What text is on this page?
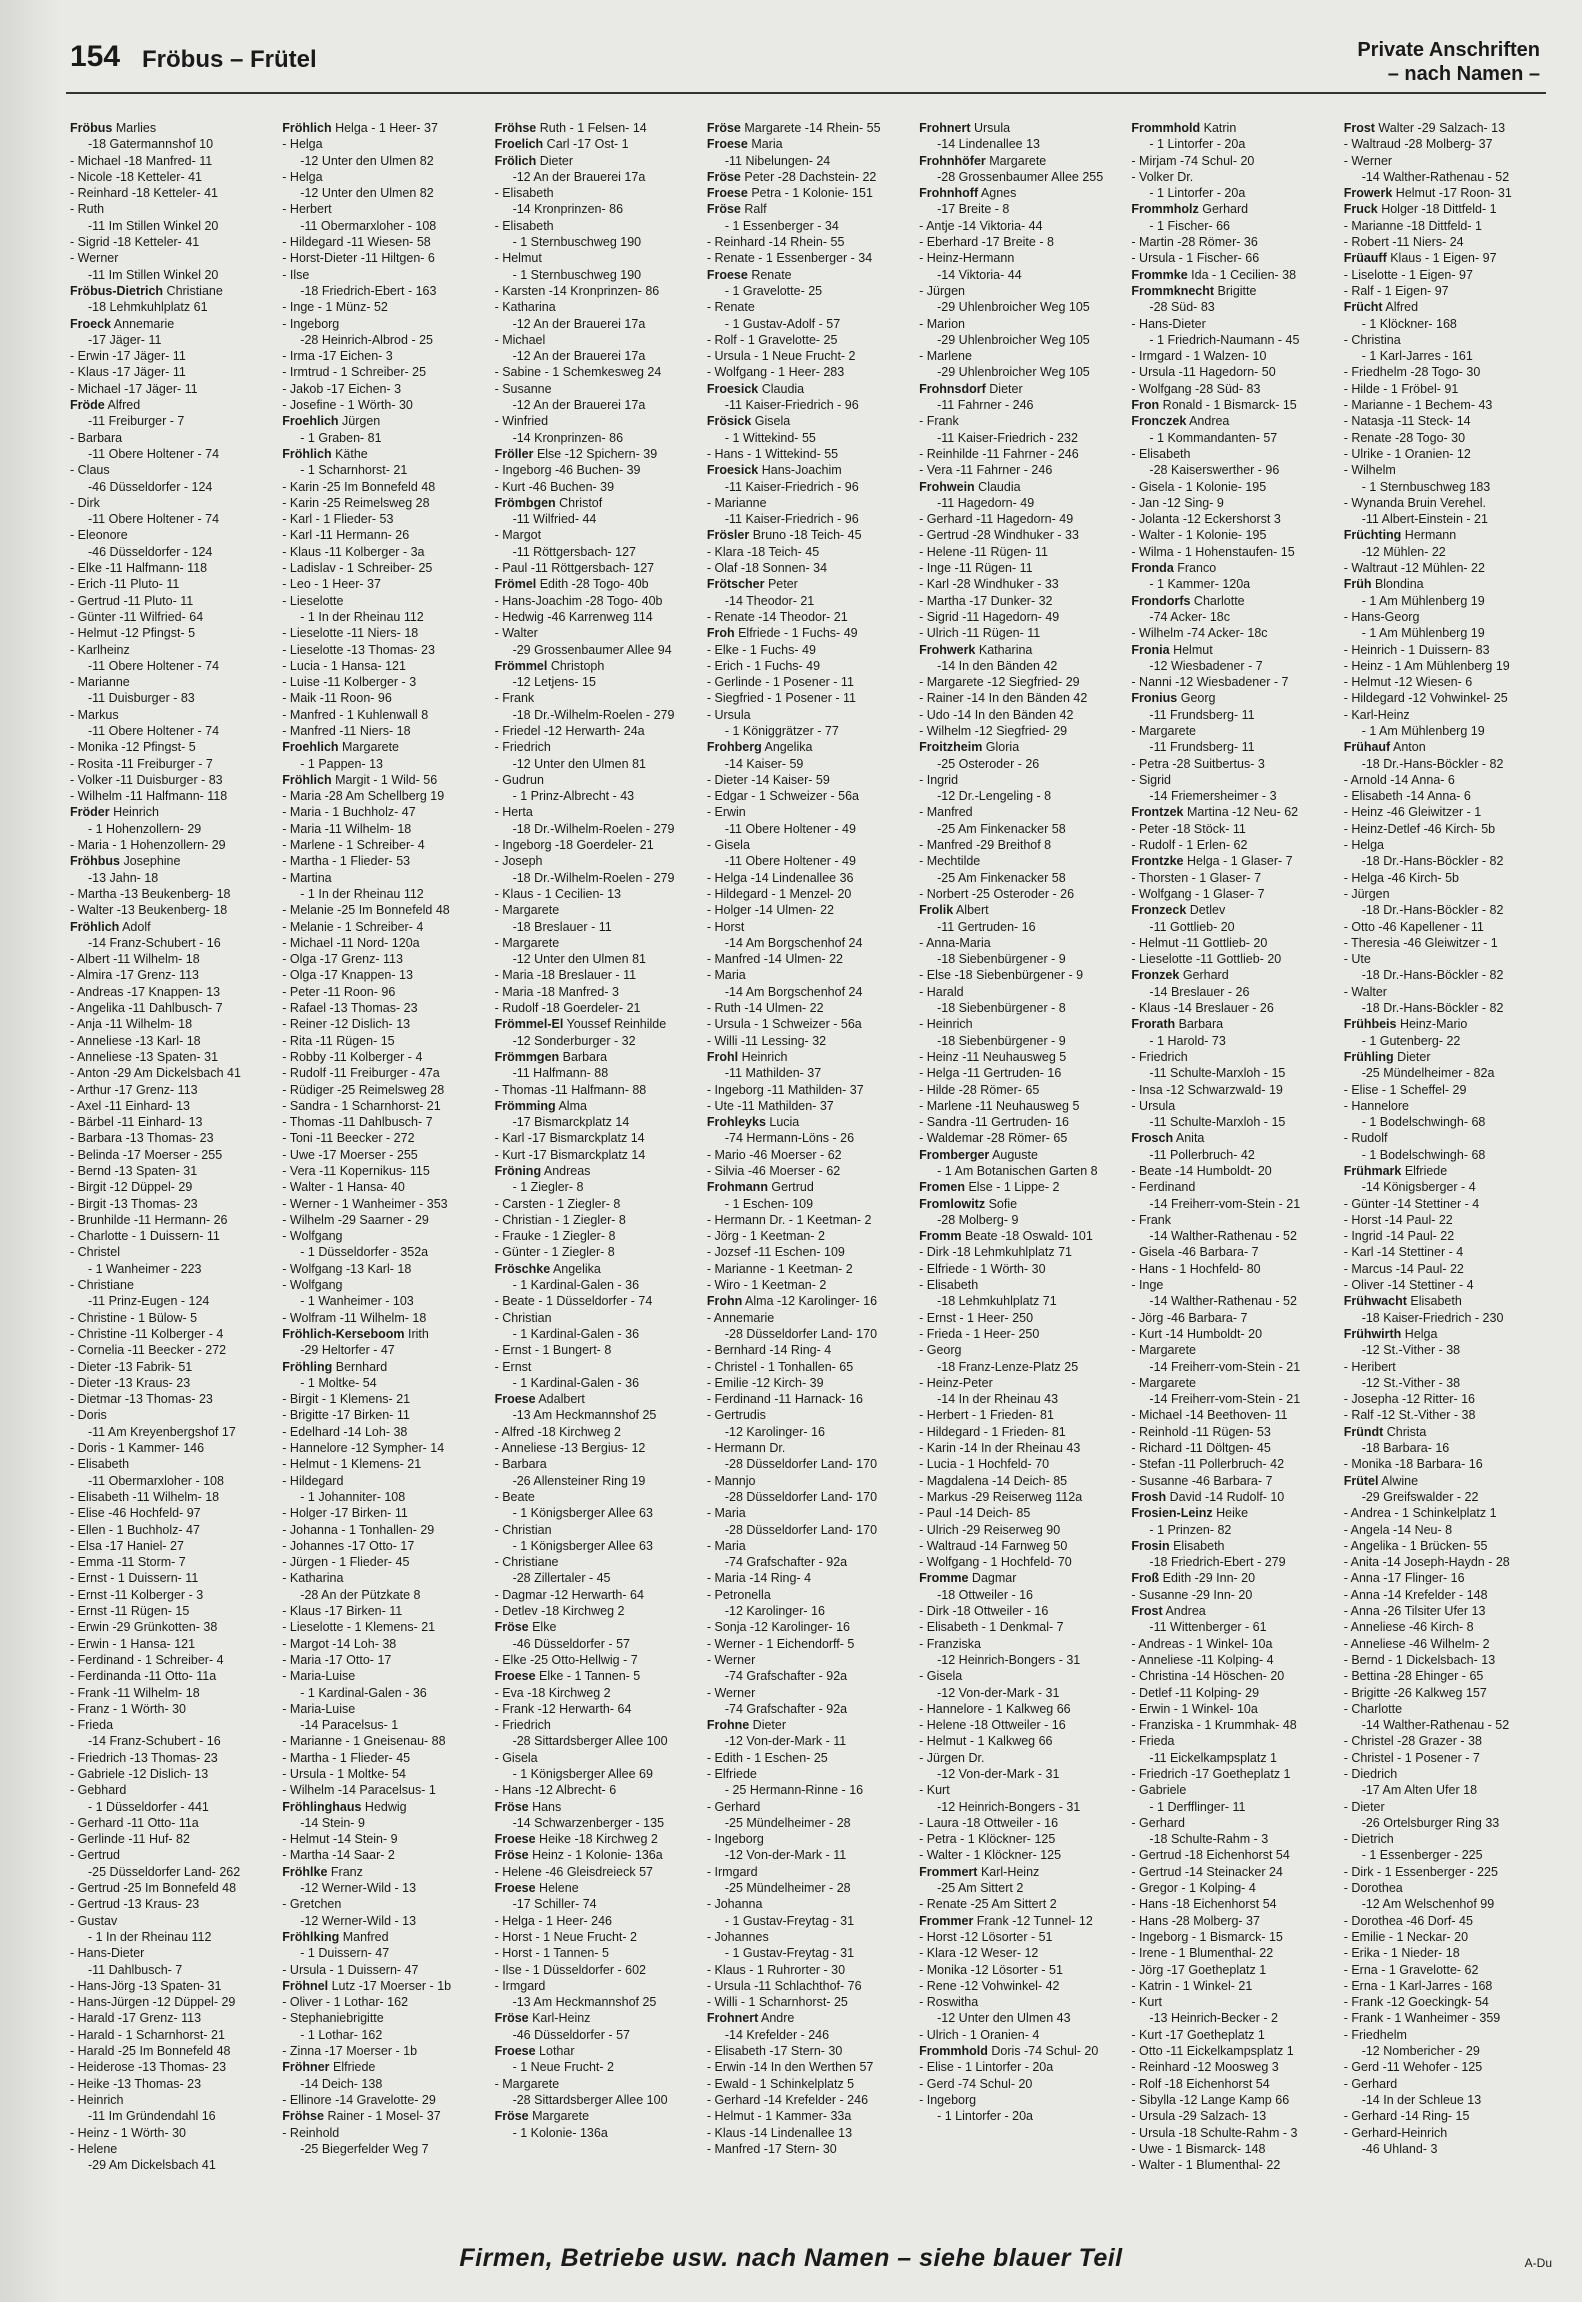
154 Fröbus – Frütel	Private Anschriften
– nach Namen –
Fröbus Marlies
-18 Gatermannshof 10
- Michael -18 Manfred- 11
- Nicole -18 Ketteler- 41
- Reinhard -18 Ketteler- 41
- Ruth
-11 Im Stillen Winkel 20
- Sigrid -18 Ketteler- 41
- Werner
-11 Im Stillen Winkel 20
Fröbus-Dietrich Christiane
-18 Lehmkuhlplatz 61
Froeck Annemarie
-17 Jäger- 11
- Erwin -17 Jäger- 11
- Klaus -17 Jäger- 11
- Michael -17 Jäger- 11
Fröde Alfred
-11 Freiburger - 7
- Barbara
-11 Obere Holtener - 74
- Claus
-46 Düsseldorfer - 124
- Dirk
-11 Obere Holtener - 74
- Eleonore
-46 Düsseldorfer - 124
- Elke -11 Halfmann- 118
- Erich -11 Pluto- 11
- Gertrud -11 Pluto- 11
- Günter -11 Wilfried- 64
- Helmut -12 Pfingst- 5
- Karlheinz
-11 Obere Holtener - 74
- Marianne
-11 Duisburger - 83
- Markus
-11 Obere Holtener - 74
- Monika -12 Pfingst- 5
- Rosita -11 Freiburger - 7
- Volker -11 Duisburger - 83
- Wilhelm -11 Halfmann- 118
Fröder Heinrich
- 1 Hohenzollern- 29
- Maria - 1 Hohenzollern- 29
Fröhbus Josephine
-13 Jahn- 18
- Martha -13 Beukenberg- 18
- Walter -13 Beukenberg- 18
Fröhlich Adolf
-14 Franz-Schubert - 16
- Albert -11 Wilhelm- 18
- Almira -17 Grenz- 113
- Andreas -17 Knappen- 13
- Angelika -11 Dahlbusch- 7
- Anja -11 Wilhelm- 18
- Anneliese -13 Karl- 18
- Anneliese -13 Spaten- 31
- Anton -29 Am Dickelsbach 41
- Arthur -17 Grenz- 113
- Axel -11 Einhard- 13
- Bärbel -11 Einhard- 13
- Barbara -13 Thomas- 23
- Belinda -17 Moerser - 255
- Bernd -13 Spaten- 31
- Birgit -12 Düppel- 29
- Birgit -13 Thomas- 23
- Brunhilde -11 Hermann- 26
- Charlotte - 1 Duissern- 11
- Christel
- 1 Wanheimer - 223
- Christiane
-11 Prinz-Eugen - 124
- Christine - 1 Bülow- 5
- Christine -11 Kolberger - 4
- Cornelia -11 Beecker - 272
- Dieter -13 Fabrik- 51
- Dieter -13 Kraus- 23
- Dietmar -13 Thomas- 23
- Doris
-11 Am Kreyenbergshof 17
- Doris - 1 Kammer- 146
- Elisabeth
-11 Obermarxloher - 108
- Elisabeth -11 Wilhelm- 18
- Elise -46 Hochfeld- 97
- Ellen - 1 Buchholz- 47
- Elsa -17 Haniel- 27
- Emma -11 Storm- 7
- Ernst - 1 Duissern- 11
- Ernst -11 Kolberger - 3
- Ernst -11 Rügen- 15
- Erwin -29 Grünkotten- 38
- Erwin - 1 Hansa- 121
- Ferdinand - 1 Schreiber- 4
- Ferdinanda -11 Otto- 11a
- Frank -11 Wilhelm- 18
- Franz - 1 Wörth- 30
- Frieda
-14 Franz-Schubert - 16
- Friedrich -13 Thomas- 23
- Gabriele -12 Dislich- 13
- Gebhard
- 1 Düsseldorfer - 441
- Gerhard -11 Otto- 11a
- Gerlinde -11 Huf- 82
- Gertrud
-25 Düsseldorfer Land- 262
- Gertrud -25 Im Bonnefeld 48
- Gertrud -13 Kraus- 23
- Gustav
- 1 In der Rheinau 112
- Hans-Dieter
-11 Dahlbusch- 7
- Hans-Jörg -13 Spaten- 31
- Hans-Jürgen -12 Düppel- 29
- Harald -17 Grenz- 113
- Harald - 1 Scharnhorst- 21
- Harald -25 Im Bonnefeld 48
- Heiderose -13 Thomas- 23
- Heike -13 Thomas- 23
- Heinrich
-11 Im Gründendahl 16
- Heinz - 1 Wörth- 30
- Helene
-29 Am Dickelsbach 41
Fröhlich Helga - 1 Heer- 37
- Helga
-12 Unter den Ulmen 82
- Helga
-12 Unter den Ulmen 82
- Herbert
-11 Obermarxloher - 108
- Hildegard -11 Wiesen- 58
- Horst-Dieter -11 Hiltgen- 6
- Ilse
-18 Friedrich-Ebert - 163
- Inge - 1 Münz- 52
- Ingeborg
-28 Heinrich-Albrod - 25
- Irma -17 Eichen- 3
- Irmtrud - 1 Schreiber- 25
- Jakob -17 Eichen- 3
- Josefine - 1 Wörth- 30
Froehlich Jürgen
- 1 Graben- 81
Fröhlich Käthe
- 1 Scharnhorst- 21
- Karin -25 Im Bonnefeld 48
- Karin -25 Reimelsweg 28
- Karl - 1 Flieder- 53
- Karl -11 Hermann- 26
- Klaus -11 Kolberger - 3a
- Ladislav - 1 Schreiber- 25
- Leo - 1 Heer- 37
- Lieselotte
- 1 In der Rheinau 112
- Lieselotte -11 Niers- 18
- Lieselotte -13 Thomas- 23
- Lucia - 1 Hansa- 121
- Luise -11 Kolberger - 3
- Maik -11 Roon- 96
- Manfred - 1 Kuhlenwall 8
- Manfred -11 Niers- 18
Froehlich Margarete
- 1 Pappen- 13
Fröhlich Margit - 1 Wild- 56
- Maria -28 Am Schellberg 19
- Maria - 1 Buchholz- 47
- Maria -11 Wilhelm- 18
- Marlene - 1 Schreiber- 4
- Martha - 1 Flieder- 53
- Martina
- 1 In der Rheinau 112
- Melanie -25 Im Bonnefeld 48
- Melanie - 1 Schreiber- 4
- Michael -11 Nord- 120a
- Olga -17 Grenz- 113
- Olga -17 Knappen- 13
- Peter -11 Roon- 96
- Rafael -13 Thomas- 23
- Reiner -12 Dislich- 13
- Rita -11 Rügen- 15
- Robby -11 Kolberger - 4
- Rudolf -11 Freiburger - 47a
- Rüdiger -25 Reimelsweg 28
- Sandra - 1 Scharnhorst- 21
- Thomas -11 Dahlbusch- 7
- Toni -11 Beecker - 272
- Uwe -17 Moerser - 255
- Vera -11 Kopernikus- 115
- Walter - 1 Hansa- 40
- Werner - 1 Wanheimer - 353
- Wilhelm -29 Saarner - 29
- Wolfgang
- 1 Düsseldorfer - 352a
- Wolfgang -13 Karl- 18
- Wolfgang
- 1 Wanheimer - 103
- Wolfram -11 Wilhelm- 18
Fröhlich-Kerseboom Irith
-29 Heltorfer - 47
Fröhling Bernhard
- 1 Moltke- 54
- Birgit - 1 Klemens- 21
- Brigitte -17 Birken- 11
- Edelhard -14 Loh- 38
- Hannelore -12 Sympher- 14
- Helmut - 1 Klemens- 21
- Hildegard
- 1 Johanniter- 108
- Holger -17 Birken- 11
- Johanna - 1 Tonhallen- 29
- Johannes -17 Otto- 17
- Jürgen - 1 Flieder- 45
- Katharina
-28 An der Pützkate 8
- Klaus -17 Birken- 11
- Lieselotte - 1 Klemens- 21
- Margot -14 Loh- 38
- Maria -17 Otto- 17
- Maria-Luise
- 1 Kardinal-Galen - 36
- Maria-Luise
-14 Paracelsus- 1
- Marianne - 1 Gneisenau- 88
- Martha - 1 Flieder- 45
- Ursula - 1 Moltke- 54
- Wilhelm -14 Paracelsus- 1
Fröhlinghaus Hedwig
-14 Stein- 9
- Helmut -14 Stein- 9
- Martha -14 Saar- 2
Fröhlke Franz
-12 Werner-Wild - 13
- Gretchen
-12 Werner-Wild - 13
Fröhlking Manfred
- 1 Duissern- 47
- Ursula - 1 Duissern- 47
Fröhnel Lutz -17 Moerser - 1b
- Oliver - 1 Lothar- 162
- Stephaniebrigitte
- 1 Lothar- 162
- Zinna -17 Moerser - 1b
Fröhner Elfriede
-14 Deich- 138
- Ellinore -14 Gravelotte- 29
Fröhse Rainer - 1 Mosel- 37
- Reinhold
-25 Biegerfelder Weg 7
Fröhse Ruth - 1 Felsen- 14
Froelich Carl -17 Ost- 1
Frölich Dieter
-12 An der Brauerei 17a
- Elisabeth
-14 Kronprinzen- 86
- Elisabeth
- 1 Sternbuschweg 190
- Helmut
- 1 Sternbuschweg 190
- Karsten -14 Kronprinzen- 86
- Katharina
-12 An der Brauerei 17a
- Michael
-12 An der Brauerei 17a
- Sabine - 1 Schemkesweg 24
- Susanne
-12 An der Brauerei 17a
- Winfried
-14 Kronprinzen- 86
Fröller Else -12 Spichern- 39
- Ingeborg -46 Buchen- 39
- Kurt -46 Buchen- 39
Frömbgen Christof
-11 Wilfried- 44
- Margot
-11 Röttgersbach- 127
- Paul -11 Röttgersbach- 127
Frömel Edith -28 Togo- 40b
- Hans-Joachim -28 Togo- 40b
- Hedwig -46 Karrenweg 114
- Walter
-29 Grossenbaumer Allee 94
Frömmel Christoph
-12 Letjens- 15
- Frank
-18 Dr.-Wilhelm-Roelen - 279
- Friedel -12 Herwarth- 24a
- Friedrich
-12 Unter den Ulmen 81
- Gudrun
- 1 Prinz-Albrecht - 43
- Herta
-18 Dr.-Wilhelm-Roelen - 279
- Ingeborg -18 Goerdeler- 21
- Joseph
-18 Dr.-Wilhelm-Roelen - 279
- Klaus - 1 Cecilien- 13
- Margarete
-18 Breslauer - 11
- Margarete
-12 Unter den Ulmen 81
- Maria -18 Breslauer - 11
- Maria -18 Manfred- 3
- Rudolf -18 Goerdeler- 21
Frömmel-El Youssef Reinhilde
-12 Sonderburger - 32
Frömmgen Barbara
-11 Halfmann- 88
- Thomas -11 Halfmann- 88
Frömming Alma
-17 Bismarckplatz 14
- Karl -17 Bismarckplatz 14
- Kurt -17 Bismarckplatz 14
Fröning Andreas
- 1 Ziegler- 8
- Carsten - 1 Ziegler- 8
- Christian - 1 Ziegler- 8
- Frauke - 1 Ziegler- 8
- Günter - 1 Ziegler- 8
Fröschke Angelika
- 1 Kardinal-Galen - 36
- Beate - 1 Düsseldorfer - 74
- Christian
- 1 Kardinal-Galen - 36
- Ernst - 1 Bungert- 8
- Ernst
- 1 Kardinal-Galen - 36
Froese Adalbert
-13 Am Heckmannshof 25
- Alfred -18 Kirchweg 2
- Anneliese -13 Bergius- 12
- Barbara
-26 Allensteiner Ring 19
- Beate
- 1 Königsberger Allee 63
- Christian
- 1 Königsberger Allee 63
- Christiane
-28 Zillertaler - 45
- Dagmar -12 Herwarth- 64
- Detlev -18 Kirchweg 2
Fröse Elke
-46 Düsseldorfer - 57
- Elke -25 Otto-Hellwig - 7
Froese Elke - 1 Tannen- 5
- Eva -18 Kirchweg 2
- Frank -12 Herwarth- 64
- Friedrich
-28 Sittardsberger Allee 100
- Gisela
- 1 Königsberger Allee 69
- Hans -12 Albrecht- 6
Fröse Hans
-14 Schwarzenberger - 135
Froese Heike -18 Kirchweg 2
Fröse Heinz - 1 Kolonie- 136a
- Helene -46 Gleisdreieck 57
Froese Helene
-17 Schiller- 74
- Helga - 1 Heer- 246
- Horst - 1 Neue Frucht- 2
- Horst - 1 Tannen- 5
- Ilse - 1 Düsseldorfer - 602
- Irmgard
-13 Am Heckmannshof 25
Fröse Karl-Heinz
-46 Düsseldorfer - 57
Froese Lothar
- 1 Neue Frucht- 2
- Margarete
-28 Sittardsberger Allee 100
Fröse Margarete
- 1 Kolonie- 136a
Fröse Margarete -14 Rhein- 55
Froese Maria
-11 Nibelungen- 24
Fröse Peter -28 Dachstein- 22
Froese Petra - 1 Kolonie- 151
Fröse Ralf
- 1 Essenberger - 34
- Reinhard -14 Rhein- 55
- Renate - 1 Essenberger - 34
Froese Renate
- 1 Gravelotte- 25
- Renate
- 1 Gustav-Adolf - 57
- Rolf - 1 Gravelotte- 25
- Ursula - 1 Neue Frucht- 2
- Wolfgang - 1 Heer- 283
Froesick Claudia
-11 Kaiser-Friedrich - 96
Frösick Gisela
- 1 Wittekind- 55
- Hans - 1 Wittekind- 55
Froesick Hans-Joachim
-11 Kaiser-Friedrich - 96
- Marianne
-11 Kaiser-Friedrich - 96
Frösler Bruno -18 Teich- 45
- Klara -18 Teich- 45
- Olaf -18 Sonnen- 34
Frötscher Peter
-14 Theodor- 21
- Renate -14 Theodor- 21
Froh Elfriede - 1 Fuchs- 49
- Elke - 1 Fuchs- 49
- Erich - 1 Fuchs- 49
- Gerlinde - 1 Posener - 11
- Siegfried - 1 Posener - 11
- Ursula
- 1 Königgrätzer - 77
Frohberg Angelika
-14 Kaiser- 59
- Dieter -14 Kaiser- 59
- Edgar - 1 Schweizer - 56a
- Erwin
-11 Obere Holtener - 49
- Gisela
-11 Obere Holtener - 49
- Helga -14 Lindenallee 36
- Hildegard - 1 Menzel- 20
- Holger -14 Ulmen- 22
- Horst
-14 Am Borgschenhof 24
- Manfred -14 Ulmen- 22
- Maria
-14 Am Borgschenhof 24
- Ruth -14 Ulmen- 22
- Ursula - 1 Schweizer - 56a
- Willi -11 Lessing- 32
Frohl Heinrich
-11 Mathilden- 37
- Ingeborg -11 Mathilden- 37
- Ute -11 Mathilden- 37
Frohleyks Lucia
-74 Hermann-Löns - 26
- Mario -46 Moerser - 62
- Silvia -46 Moerser - 62
Frohmann Gertrud
- 1 Eschen- 109
- Hermann Dr. - 1 Keetman- 2
- Jörg - 1 Keetman- 2
- Jozsef -11 Eschen- 109
- Marianne - 1 Keetman- 2
- Wiro - 1 Keetman- 2
Frohn Alma -12 Karolinger- 16
- Annemarie
-28 Düsseldorfer Land- 170
- Bernhard -14 Ring- 4
- Christel - 1 Tonhallen- 65
- Emilie -12 Kirch- 39
- Ferdinand -11 Harnack- 16
- Gertrudis
-12 Karolinger- 16
- Hermann Dr.
-28 Düsseldorfer Land- 170
- Mannjo
-28 Düsseldorfer Land- 170
- Maria
-28 Düsseldorfer Land- 170
- Maria
-74 Grafschafter - 92a
- Maria -14 Ring- 4
- Petronella
-12 Karolinger- 16
- Sonja -12 Karolinger- 16
- Werner - 1 Eichendorff- 5
- Werner
-74 Grafschafter - 92a
- Werner
-74 Grafschafter - 92a
Frohne Dieter
-12 Von-der-Mark - 11
- Edith - 1 Eschen- 25
- Elfriede
- 25 Hermann-Rinne - 16
- Gerhard
-25 Mündelheimer - 28
- Ingeborg
-12 Von-der-Mark - 11
- Irmgard
-25 Mündelheimer - 28
- Johanna
- 1 Gustav-Freytag - 31
- Johannes
- 1 Gustav-Freytag - 31
- Klaus - 1 Ruhrorter - 30
- Ursula -11 Schlachthof- 76
- Willi - 1 Scharnhorst- 25
Frohnert Andre
-14 Krefelder - 246
- Elisabeth -17 Stern- 30
- Erwin -14 In den Werthen 57
- Ewald - 1 Schinkelplatz 5
- Gerhard -14 Krefelder - 246
- Helmut - 1 Kammer- 33a
- Klaus -14 Lindenallee 13
- Manfred -17 Stern- 30
Frohnert Ursula
-14 Lindenallee 13
Frohnhöfer Margarete
-28 Grossenbaumer Allee 255
Frohnhoff Agnes
-17 Breite - 8
- Antje -14 Viktoria- 44
- Eberhard -17 Breite - 8
- Heinz-Hermann
-14 Viktoria- 44
- Jürgen
-29 Uhlenbroicher Weg 105
- Marion
-29 Uhlenbroicher Weg 105
- Marlene
-29 Uhlenbroicher Weg 105
Frohnsdorf Dieter
-11 Fahrner - 246
- Frank
-11 Kaiser-Friedrich - 232
- Reinhilde -11 Fahrner - 246
- Vera -11 Fahrner - 246
Frohwein Claudia
-11 Hagedorn- 49
- Gerhard -11 Hagedorn- 49
- Gertrud -28 Windhuker - 33
- Helene -11 Rügen- 11
- Inge -11 Rügen- 11
- Karl -28 Windhuker - 33
- Martha -17 Dunker- 32
- Sigrid -11 Hagedorn- 49
- Ulrich -11 Rügen- 11
Frohwerk Katharina
-14 In den Bänden 42
- Margarete -12 Siegfried- 29
- Rainer -14 In den Bänden 42
- Udo -14 In den Bänden 42
- Wilhelm -12 Siegfried- 29
Froitzheim Gloria
-25 Osteroder - 26
- Ingrid
-12 Dr.-Lengeling - 8
- Manfred
-25 Am Finkenacker 58
- Manfred -29 Breithof 8
- Mechtilde
-25 Am Finkenacker 58
- Norbert -25 Osteroder - 26
Frolik Albert
-11 Gertruden- 16
- Anna-Maria
-18 Siebenbürgener - 9
- Else -18 Siebenbürgener - 9
- Harald
-18 Siebenbürgener - 8
- Heinrich
-18 Siebenbürgener - 9
- Heinz -11 Neuhausweg 5
- Helga -11 Gertruden- 16
- Hilde -28 Römer- 65
- Marlene -11 Neuhausweg 5
- Sandra -11 Gertruden- 16
- Waldemar -28 Römer- 65
Fromberger Auguste
- 1 Am Botanischen Garten 8
Fromen Else - 1 Lippe- 2
Fromlowitz Sofie
-28 Molberg- 9
Fromm Beate -18 Oswald- 101
- Dirk -18 Lehmkuhlplatz 71
- Elfriede - 1 Wörth- 30
- Elisabeth
-18 Lehmkuhlplatz 71
- Ernst - 1 Heer- 250
- Frieda - 1 Heer- 250
- Georg
-18 Franz-Lenze-Platz 25
- Heinz-Peter
-14 In der Rheinau 43
- Herbert - 1 Frieden- 81
- Hildegard - 1 Frieden- 81
- Karin -14 In der Rheinau 43
- Lucia - 1 Hochfeld- 70
- Magdalena -14 Deich- 85
- Markus -29 Reiserweg 112a
- Paul -14 Deich- 85
- Ulrich -29 Reiserweg 90
- Waltraud -14 Farnweg 50
- Wolfgang - 1 Hochfeld- 70
Fromme Dagmar
-18 Ottweiler - 16
- Dirk -18 Ottweiler - 16
- Elisabeth - 1 Denkmal- 7
- Franziska
-12 Heinrich-Bongers - 31
- Gisela
-12 Von-der-Mark - 31
- Hannelore - 1 Kalkweg 66
- Helene -18 Ottweiler - 16
- Helmut - 1 Kalkweg 66
- Jürgen Dr.
-12 Von-der-Mark - 31
- Kurt
-12 Heinrich-Bongers - 31
- Laura -18 Ottweiler - 16
- Petra - 1 Klöckner- 125
- Walter - 1 Klöckner- 125
Frommert Karl-Heinz
-25 Am Sittert 2
- Renate -25 Am Sittert 2
Frommer Frank -12 Tunnel- 12
- Horst -12 Lösorter - 51
- Klara -12 Weser- 12
- Monika -12 Lösorter - 51
- Rene -12 Vohwinkel- 42
- Roswitha
-12 Unter den Ulmen 43
- Ulrich - 1 Oranien- 4
Frommhold Doris -74 Schul- 20
- Elise - 1 Lintorfer - 20a
- Gerd -74 Schul- 20
- Ingeborg
- 1 Lintorfer - 20a
Frommhold Katrin
- 1 Lintorfer - 20a
- Mirjam -74 Schul- 20
- Volker Dr.
- 1 Lintorfer - 20a
Frommholz Gerhard
- 1 Fischer- 66
- Martin -28 Römer- 36
- Ursula - 1 Fischer- 66
Frommke Ida - 1 Cecilien- 38
Frommknecht Brigitte
-28 Süd- 83
- Hans-Dieter
- 1 Friedrich-Naumann - 45
- Irmgard - 1 Walzen- 10
- Ursula -11 Hagedorn- 50
- Wolfgang -28 Süd- 83
Fron Ronald - 1 Bismarck- 15
Fronczek Andrea
- 1 Kommandanten- 57
- Elisabeth
-28 Kaiserswerther - 96
- Gisela - 1 Kolonie- 195
- Jan -12 Sing- 9
- Jolanta -12 Eckershorst 3
- Walter - 1 Kolonie- 195
- Wilma - 1 Hohenstaufen- 15
Fronda Franco
- 1 Kammer- 120a
Frondorfs Charlotte
-74 Acker- 18c
- Wilhelm -74 Acker- 18c
Fronia Helmut
-12 Wiesbadener - 7
- Nanni -12 Wiesbadener - 7
Fronius Georg
-11 Frundsberg- 11
- Margarete
-11 Frundsberg- 11
- Petra -28 Suitbertus- 3
- Sigrid
-14 Friemersheimer - 3
Frontzek Martina -12 Neu- 62
- Peter -18 Stöck- 11
- Rudolf - 1 Erlen- 62
Frontzke Helga - 1 Glaser- 7
- Thorsten - 1 Glaser- 7
- Wolfgang - 1 Glaser- 7
Fronzeck Detlev
-11 Gottlieb- 20
- Helmut -11 Gottlieb- 20
- Lieselotte -11 Gottlieb- 20
Fronzek Gerhard
-14 Breslauer - 26
- Klaus -14 Breslauer - 26
Frorath Barbara
- 1 Harold- 73
- Friedrich
-11 Schulte-Marxloh - 15
- Insa -12 Schwarzwald- 19
- Ursula
-11 Schulte-Marxloh - 15
Frosch Anita
-11 Pollerbruch- 42
- Beate -14 Humboldt- 20
- Ferdinand
-14 Freiherr-vom-Stein - 21
- Frank
-14 Walther-Rathenau - 52
- Gisela -46 Barbara- 7
- Hans - 1 Hochfeld- 80
- Inge
-14 Walther-Rathenau - 52
- Jörg -46 Barbara- 7
- Kurt -14 Humboldt- 20
- Margarete
-14 Freiherr-vom-Stein - 21
- Margarete
-14 Freiherr-vom-Stein - 21
- Michael -14 Beethoven- 11
- Reinhold -11 Rügen- 53
- Richard -11 Döltgen- 45
- Stefan -11 Pollerbruch- 42
- Susanne -46 Barbara- 7
Frosh David -14 Rudolf- 10
Frosien-Leinz Heike
- 1 Prinzen- 82
Frosin Elisabeth
-18 Friedrich-Ebert - 279
Froß Edith -29 Inn- 20
- Susanne -29 Inn- 20
Frost Andrea
-11 Wittenberger - 61
- Andreas - 1 Winkel- 10a
- Anneliese -11 Kolping- 4
- Christina -14 Höschen- 20
- Detlef -11 Kolping- 29
- Erwin - 1 Winkel- 10a
- Franziska - 1 Krummhak- 48
- Frieda
-11 Eickelkampsplatz 1
- Friedrich -17 Goetheplatz 1
- Gabriele
- 1 Derfflinger- 11
- Gerhard
-18 Schulte-Rahm - 3
- Gertrud -18 Eichenhorst 54
- Gertrud -14 Steinacker 24
- Gregor - 1 Kolping- 4
- Hans -18 Eichenhorst 54
- Hans -28 Molberg- 37
- Ingeborg - 1 Bismarck- 15
- Irene - 1 Blumenthal- 22
- Jörg -17 Goetheplatz 1
- Katrin - 1 Winkel- 21
- Kurt
-13 Heinrich-Becker - 2
- Kurt -17 Goetheplatz 1
- Otto -11 Eickelkampsplatz 1
- Reinhard -12 Moosweg 3
- Rolf -18 Eichenhorst 54
- Sibylla -12 Lange Kamp 66
- Ursula -29 Salzach- 13
- Ursula -18 Schulte-Rahm - 3
- Uwe - 1 Bismarck- 148
- Walter - 1 Blumenthal- 22
Frost Walter -29 Salzach- 13
- Waltraud -28 Molberg- 37
- Werner
-14 Walther-Rathenau - 52
Frowerk Helmut -17 Roon- 31
Fruck Holger -18 Dittfeld- 1
- Marianne -18 Dittfeld- 1
- Robert -11 Niers- 24
Früauff Klaus - 1 Eigen- 97
- Liselotte - 1 Eigen- 97
- Ralf - 1 Eigen- 97
Frücht Alfred
- 1 Klöckner- 168
- Christina
- 1 Karl-Jarres - 161
- Friedhelm -28 Togo- 30
- Hilde - 1 Fröbel- 91
- Marianne - 1 Bechem- 43
- Natasja -11 Steck- 14
- Renate -28 Togo- 30
- Ulrike - 1 Oranien- 12
- Wilhelm
- 1 Sternbuschweg 183
- Wynanda Bruin Verehel.
-11 Albert-Einstein - 21
Früchting Hermann
-12 Mühlen- 22
- Waltraut -12 Mühlen- 22
Früh Blondina
- 1 Am Mühlenberg 19
- Hans-Georg
- 1 Am Mühlenberg 19
- Heinrich - 1 Duissern- 83
- Heinz - 1 Am Mühlenberg 19
- Helmut -12 Wiesen- 6
- Hildegard -12 Vohwinkel- 25
- Karl-Heinz
- 1 Am Mühlenberg 19
Frühauf Anton
-18 Dr.-Hans-Böckler - 82
- Arnold -14 Anna- 6
- Elisabeth -14 Anna- 6
- Heinz -46 Gleiwitzer - 1
- Heinz-Detlef -46 Kirch- 5b
- Helga
-18 Dr.-Hans-Böckler - 82
- Helga -46 Kirch- 5b
- Jürgen
-18 Dr.-Hans-Böckler - 82
- Otto -46 Kapellener - 11
- Theresia -46 Gleiwitzer - 1
- Ute
-18 Dr.-Hans-Böckler - 82
- Walter
-18 Dr.-Hans-Böckler - 82
Frühbeis Heinz-Mario
- 1 Gutenberg- 22
Frühling Dieter
-25 Mündelheimer - 82a
- Elise - 1 Scheffel- 29
- Hannelore
- 1 Bodelschwingh- 68
- Rudolf
- 1 Bodelschwingh- 68
Frühmark Elfriede
-14 Königsberger - 4
- Günter -14 Stettiner - 4
- Horst -14 Paul- 22
- Ingrid -14 Paul- 22
- Karl -14 Stettiner - 4
- Marcus -14 Paul- 22
- Oliver -14 Stettiner - 4
Frühwacht Elisabeth
-18 Kaiser-Friedrich - 230
Frühwirth Helga
-12 St.-Vither - 38
- Heribert
-12 St.-Vither - 38
- Josepha -12 Ritter- 16
- Ralf -12 St.-Vither - 38
Fründt Christa
-18 Barbara- 16
- Monika -18 Barbara- 16
Frütel Alwine
-29 Greifswalder - 22
- Andrea - 1 Schinkelplatz 1
- Angela -14 Neu- 8
- Angelika - 1 Brücken- 55
- Anita -14 Joseph-Haydn - 28
- Anna -17 Flinger- 16
- Anna -14 Krefelder - 148
- Anna -26 Tilsiter Ufer 13
- Anneliese -46 Kirch- 8
- Anneliese -46 Wilhelm- 2
- Bernd - 1 Dickelsbach- 13
- Bettina -28 Ehinger - 65
- Brigitte -26 Kalkweg 157
- Charlotte
-14 Walther-Rathenau - 52
- Christel -28 Grazer - 38
- Christel - 1 Posener - 7
- Diedrich
-17 Am Alten Ufer 18
- Dieter
-26 Ortelsburger Ring 33
- Dietrich
- 1 Essenberger - 225
- Dirk - 1 Essenberger - 225
- Dorothea
-12 Am Welschenhof 99
- Dorothea -46 Dorf- 45
- Emilie - 1 Neckar- 20
- Erika - 1 Nieder- 18
- Erna - 1 Gravelotte- 62
- Erna - 1 Karl-Jarres - 168
- Frank -12 Goeckingk- 54
- Frank - 1 Wanheimer - 359
- Friedhelm
-12 Nombericher - 29
- Gerd -11 Wehofer - 125
- Gerhard
-14 In der Schleue 13
- Gerhard -14 Ring- 15
- Gerhard-Heinrich
-46 Uhland- 3
Firmen, Betriebe usw. nach Namen – siehe blauer Teil	A-Du
